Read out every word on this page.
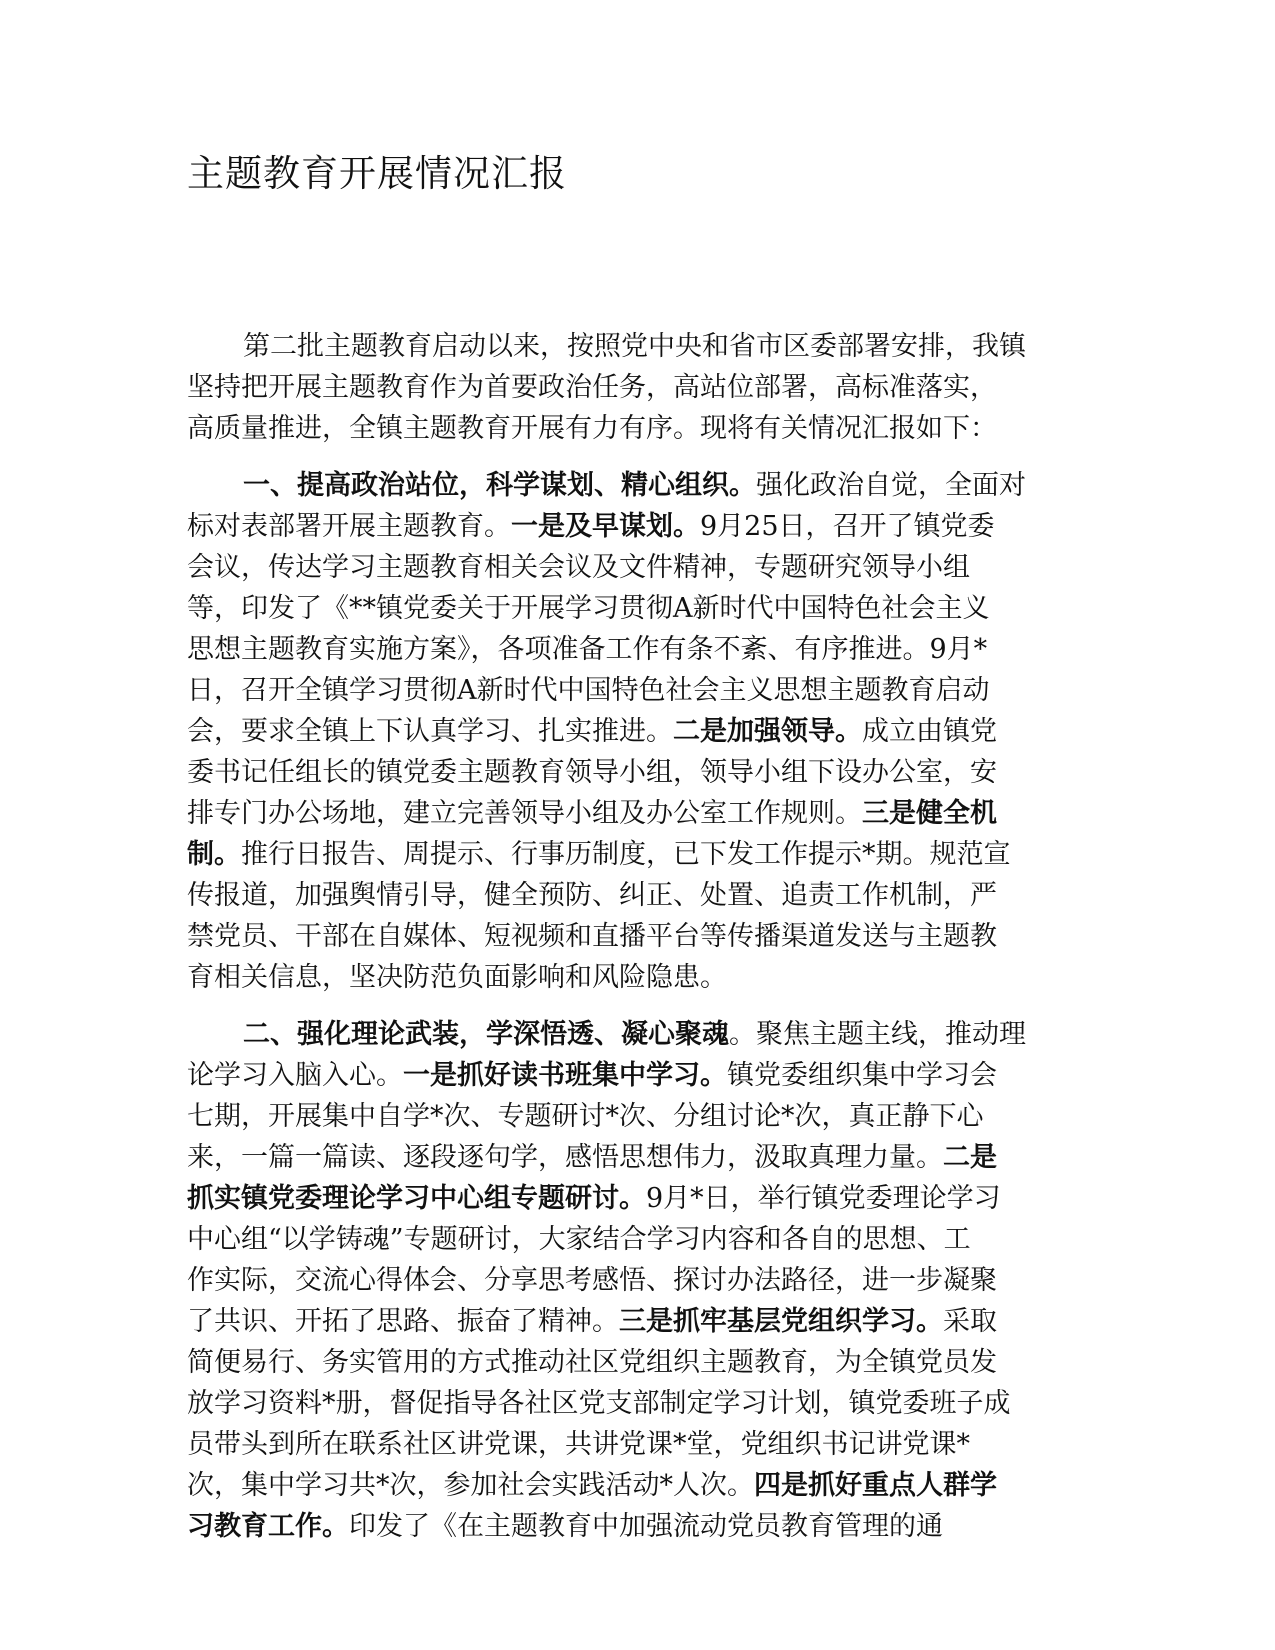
主题教育开展情况汇报
第二批主题教育启动以来，按照党中央和省市区委部署安排，我镇
坚持把开展主题教育作为首要政治任务，高站位部署，高标准落实，
高质量推进，全镇主题教育开展有力有序。现将有关情况汇报如下：
一、提高政治站位，科学谋划、精心组织。强化政治自觉，全面对
标对表部署开展主题教育。一是及早谋划。9月25日，召开了镇党委
会议，传达学习主题教育相关会议及文件精神，专题研究领导小组
等，印发了《**镇党委关于开展学习贯彻A新时代中国特色社会主义
思想主题教育实施方案》，各项准备工作有条不紊、有序推进。9月*
日，召开全镇学习贯彻A新时代中国特色社会主义思想主题教育启动
会，要求全镇上下认真学习、扎实推进。二是加强领导。成立由镇党
委书记任组长的镇党委主题教育领导小组，领导小组下设办公室，安
排专门办公场地，建立完善领导小组及办公室工作规则。三是健全机
制。推行日报告、周提示、行事历制度，已下发工作提示*期。规范宣
传报道，加强舆情引导，健全预防、纠正、处置、追责工作机制，严
禁党员、干部在自媒体、短视频和直播平台等传播渠道发送与主题教
育相关信息，坚决防范负面影响和风险隐患。
二、强化理论武装，学深悟透、凝心聚魂。聚焦主题主线，推动理
论学习入脑入心。一是抓好读书班集中学习。镇党委组织集中学习会
七期，开展集中自学*次、专题研讨*次、分组讨论*次，真正静下心
来，一篇一篇读、逐段逐句学，感悟思想伟力，汲取真理力量。二是
抓实镇党委理论学习中心组专题研讨。9月*日，举行镇党委理论学习
中心组“以学铸魂”专题研讨，大家结合学习内容和各自的思想、工
作实际，交流心得体会、分享思考感悟、探讨办法路径，进一步凝聚
了共识、开拓了思路、振奋了精神。三是抓牢基层党组织学习。采取
简便易行、务实管用的方式推动社区党组织主题教育，为全镇党员发
放学习资料*册，督促指导各社区党支部制定学习计划，镇党委班子成
员带头到所在联系社区讲党课，共讲党课*堂，党组织书记讲党课*
次，集中学习共*次，参加社会实践活动*人次。四是抓好重点人群学
习教育工作。印发了《在主题教育中加强流动党员教育管理的通
